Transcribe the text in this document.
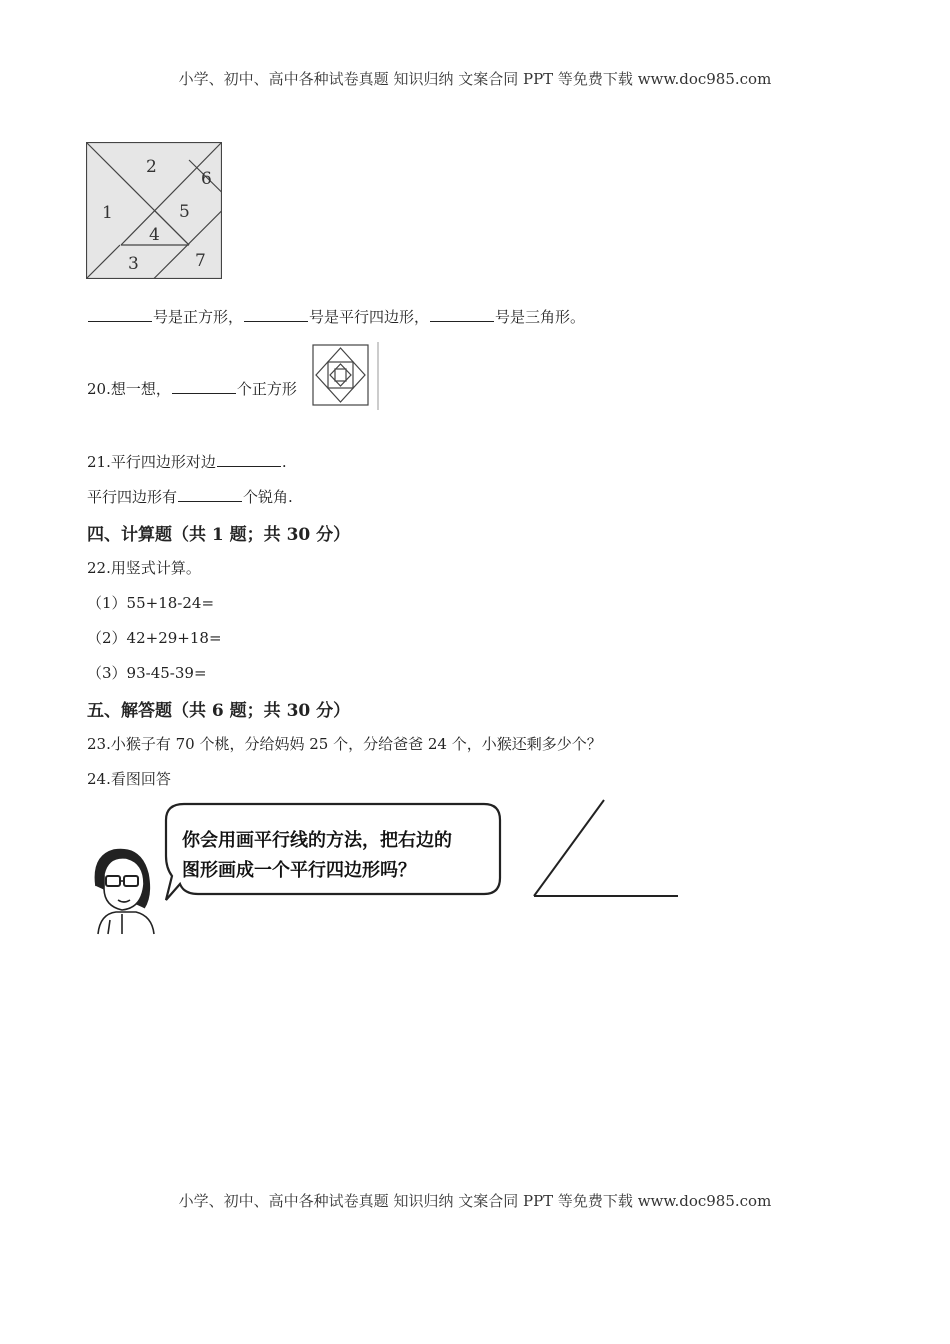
小学、初中、高中各种试卷真题 知识归纳 文案合同 PPT 等免费下载 www.doc985.com
1
2
3
4
5
6
7
号是正方形，	号是平行四边形，	号是三角形。
20.想一想，	个正方形
21.平行四边形对边	.
平行四边形有	个锐角.
四、计算题（共 1 题；共 30 分）
22.用竖式计算。
（1）55+18-24=
（2）42+29+18=
（3）93-45-39=
五、解答题（共 6 题；共 30 分）
23.小猴子有 70 个桃，分给妈妈 25 个，分给爸爸 24 个，小猴还剩多少个？
24.看图回答
你会用画平行线的方法，把右边的
图形画成一个平行四边形吗？
小学、初中、高中各种试卷真题 知识归纳 文案合同 PPT 等免费下载 www.doc985.com
